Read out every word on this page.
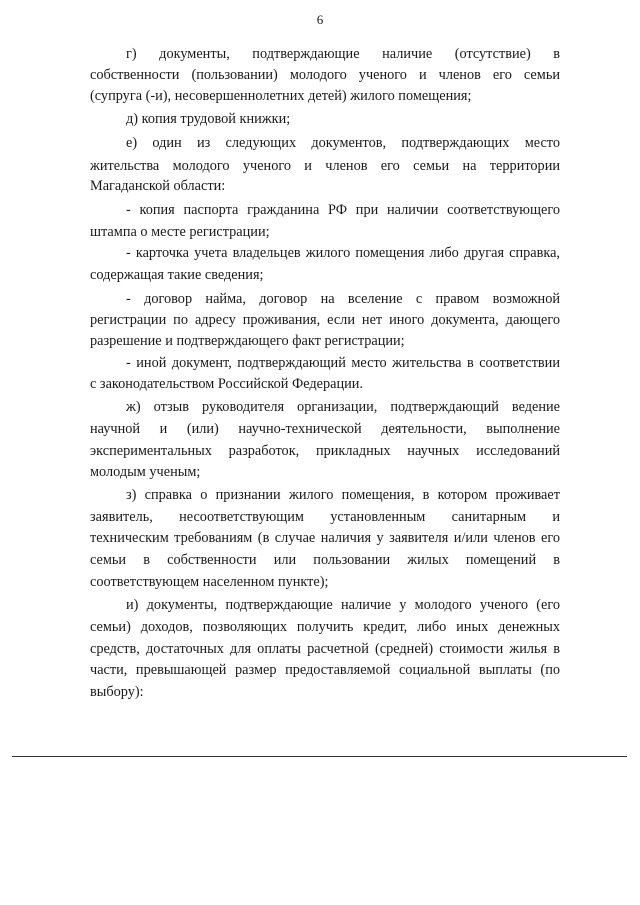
6
г) документы, подтверждающие наличие (отсутствие) в
собственности (пользовании) молодого ученого и членов его семьи
(супруга (-и), несовершеннолетних детей) жилого помещения;
д) копия трудовой книжки;
е) один из следующих документов, подтверждающих место
жительства молодого ученого и членов его семьи на территории
Магаданской области:
- копия паспорта гражданина РФ при наличии соответствующего
штампа о месте регистрации;
- карточка учета владельцев жилого помещения либо другая справка,
содержащая такие сведения;
- договор найма, договор на вселение с правом возможной
регистрации по адресу проживания, если нет иного документа, дающего
разрешение и подтверждающего факт регистрации;
- иной документ, подтверждающий место жительства в соответствии
с законодательством Российской Федерации.
ж) отзыв руководителя организации, подтверждающий ведение
научной и (или) научно-технической деятельности, выполнение
экспериментальных разработок, прикладных научных исследований
молодым ученым;
з) справка о признании жилого помещения, в котором проживает
заявитель, несоответствующим установленным санитарным и
техническим требованиям (в случае наличия у заявителя и/или членов его
семьи в собственности или пользовании жилых помещений в
соответствующем населенном пункте);
и) документы, подтверждающие наличие у молодого ученого (его
семьи) доходов, позволяющих получить кредит, либо иных денежных
средств, достаточных для оплаты расчетной (средней) стоимости жилья в
части, превышающей размер предоставляемой социальной выплаты (по
выбору):
